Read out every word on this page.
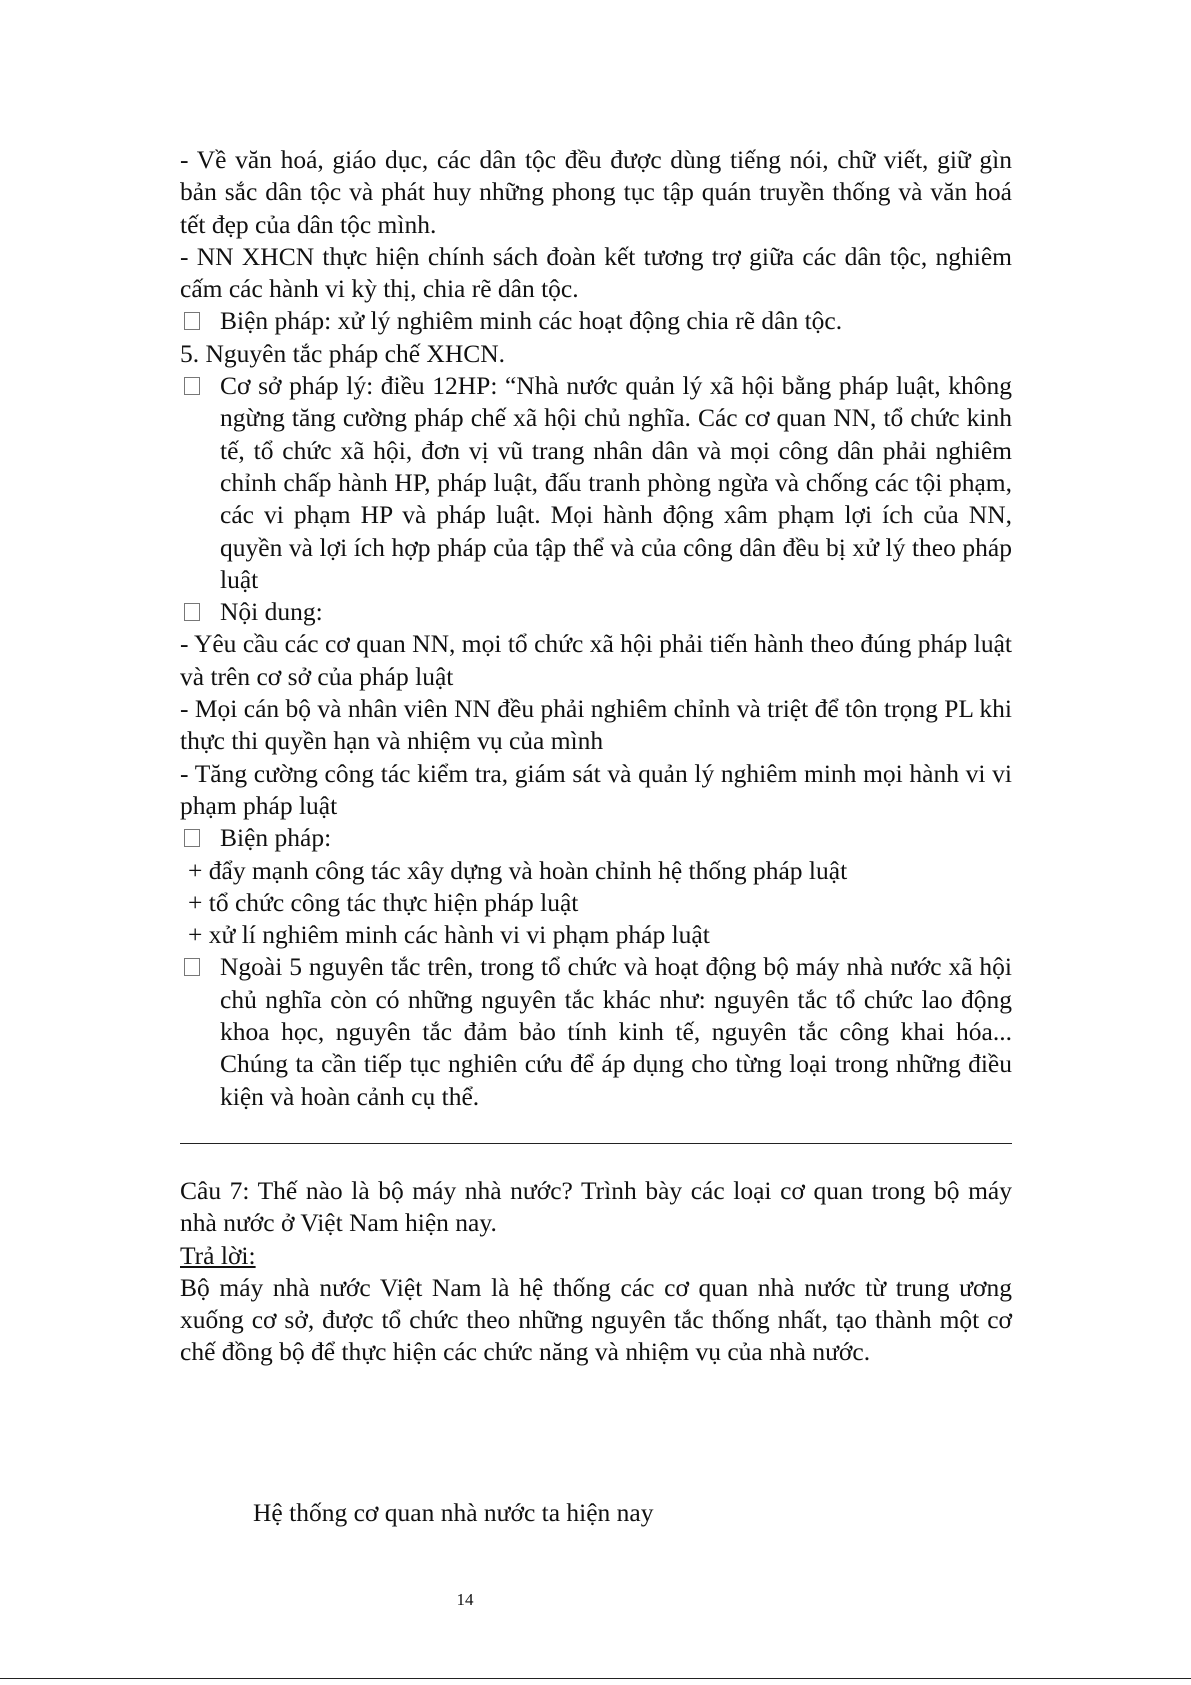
- Về văn hoá, giáo dục, các dân tộc đều được dùng tiếng nói, chữ viết, giữ gìn bản sắc dân tộc và phát huy những phong tục tập quán truyền thống và văn hoá tết đẹp của dân tộc mình.

- NN XHCN thực hiện chính sách đoàn kết tương trợ giữa các dân tộc, nghiêm cấm các hành vi kỳ thị, chia rẽ dân tộc.

Biện pháp: xử lý nghiêm minh các hoạt động chia rẽ dân tộc.

5. Nguyên tắc pháp chế XHCN.

Cơ sở pháp lý: điều 12HP: “Nhà nước quản lý xã hội bằng pháp luật, không ngừng tăng cường pháp chế xã hội chủ nghĩa. Các cơ quan NN, tổ chức kinh tế, tổ chức xã hội, đơn vị vũ trang nhân dân và mọi công dân phải nghiêm chỉnh chấp hành HP, pháp luật, đấu tranh phòng ngừa và chống các tội phạm, các vi phạm HP và pháp luật. Mọi hành động xâm phạm lợi ích của NN, quyền và lợi ích hợp pháp của tập thể và của công dân đều bị xử lý theo pháp luật
Nội dung:

- Yêu cầu các cơ quan NN, mọi tổ chức xã hội phải tiến hành theo đúng pháp luật và trên cơ sở của pháp luật

- Mọi cán bộ và nhân viên NN đều phải nghiêm chỉnh và triệt để tôn trọng PL khi thực thi quyền hạn và nhiệm vụ của mình

- Tăng cường công tác kiểm tra, giám sát và quản lý nghiêm minh mọi hành vi vi phạm pháp luật

Biện pháp:

+ đẩy mạnh công tác xây dựng và hoàn chỉnh hệ thống pháp luật

+ tổ chức công tác thực hiện pháp luật

+ xử lí nghiêm minh các hành vi vi phạm pháp luật

Ngoài 5 nguyên tắc trên, trong tổ chức và hoạt động bộ máy nhà nước xã hội chủ nghĩa còn có những nguyên tắc khác như: nguyên tắc tổ chức lao động khoa học, nguyên tắc đảm bảo tính kinh tế, nguyên tắc công khai hóa... Chúng ta cần tiếp tục nghiên cứu để áp dụng cho từng loại trong những điều kiện và hoàn cảnh cụ thể.

Câu 7: Thế nào là bộ máy nhà nước? Trình bày các loại cơ quan trong bộ máy nhà nước ở Việt Nam hiện nay.

Trả lời:

Bộ máy nhà nước Việt Nam là hệ thống các cơ quan nhà nước từ trung ương xuống cơ sở, được tổ chức theo những nguyên tắc thống nhất, tạo thành một cơ chế đồng bộ để thực hiện các chức năng và nhiệm vụ của nhà nước.

Hệ thống cơ quan nhà nước ta hiện nay
14
